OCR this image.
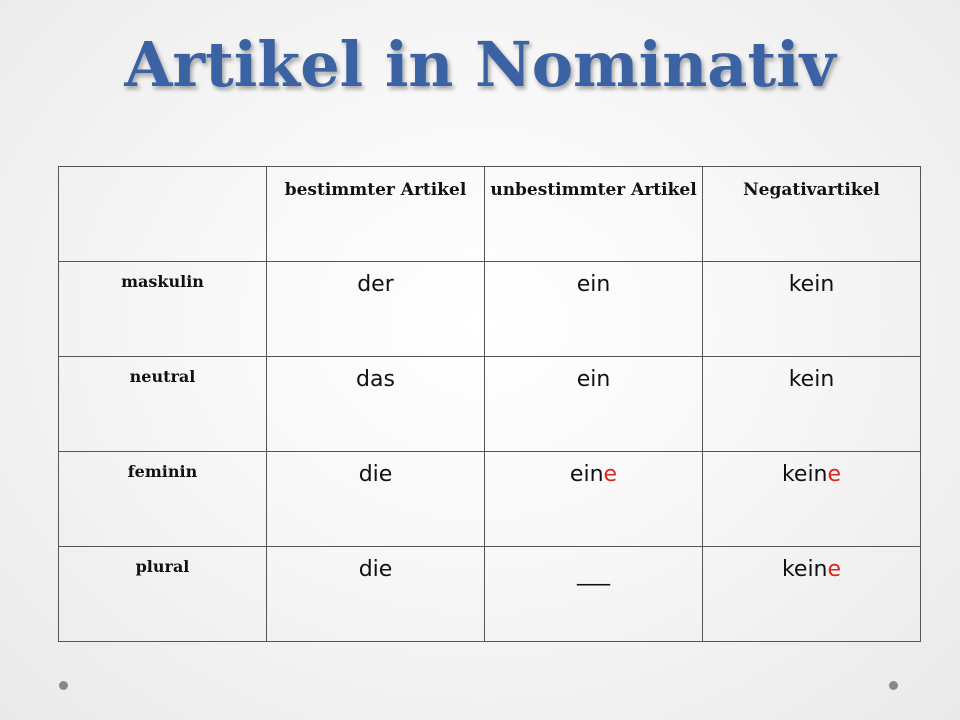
Artikel in Nominativ

	bestimmter Artikel	unbestimmter Artikel	Negativartikel

maskulin	der	ein	kein

neutral	das	ein	kein

feminin	die	eine	keine

plural	die	___	keine
